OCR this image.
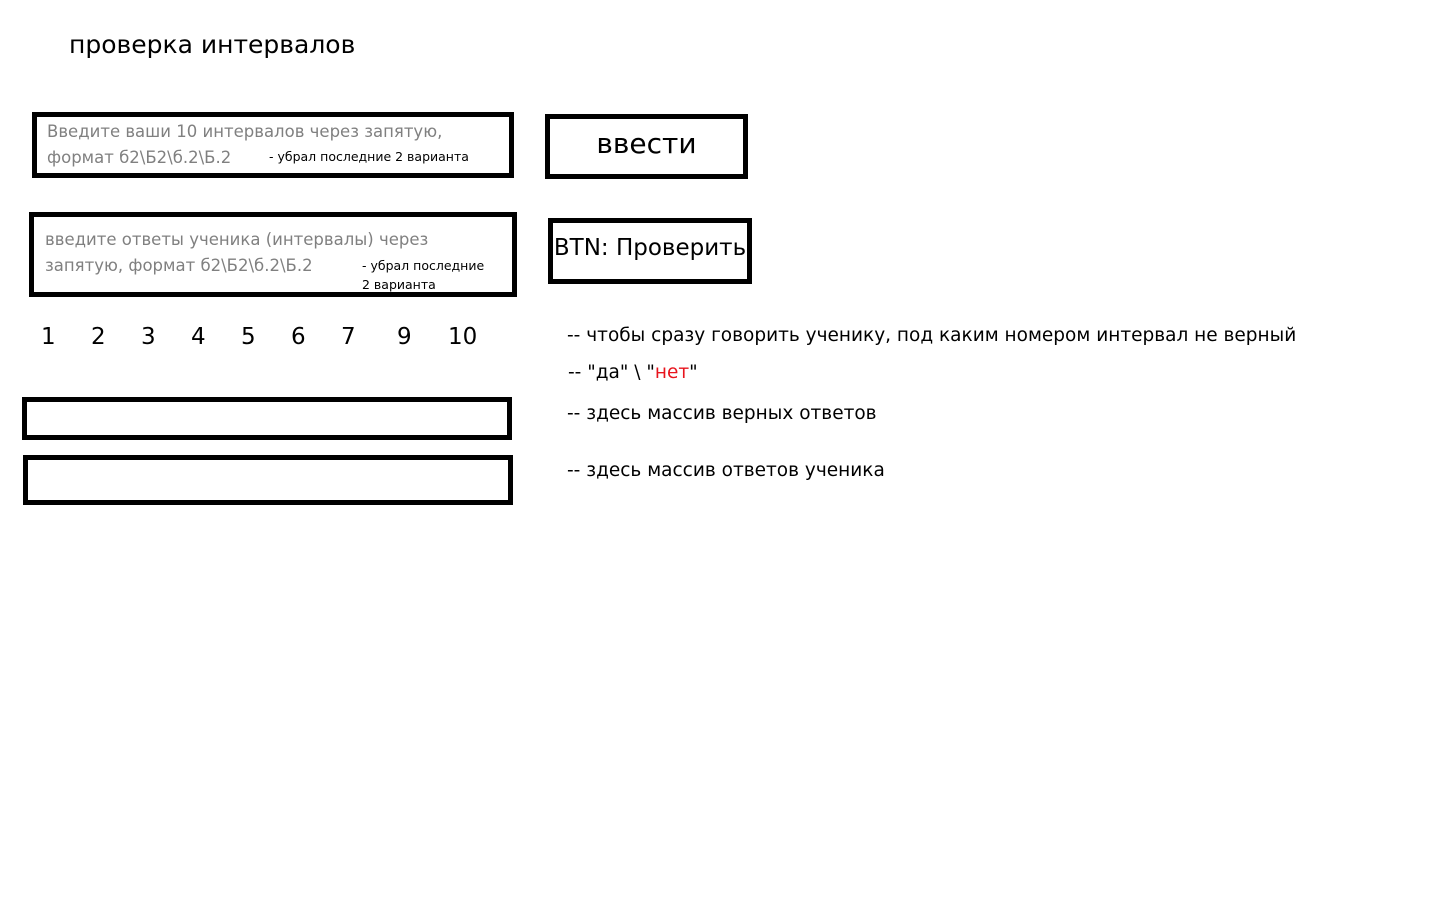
проверка интервалов
Введите ваши 10 интервалов через запятую,
формат б2\Б2\б.2\Б.2	- убрал последние 2 варианта	ввести
введите ответы ученика (интервалы) через
запятую, формат б2\Б2\б.2\Б.2	- убрал последние
2 варианта
BTN: Проверить
1 2 3 4 5 6 7 9 10	-- чтобы сразу говорить ученику, под каким номером интервал не верный
-- "да" \ "нет"
-- здесь массив верных ответов
-- здесь массив ответов ученика
